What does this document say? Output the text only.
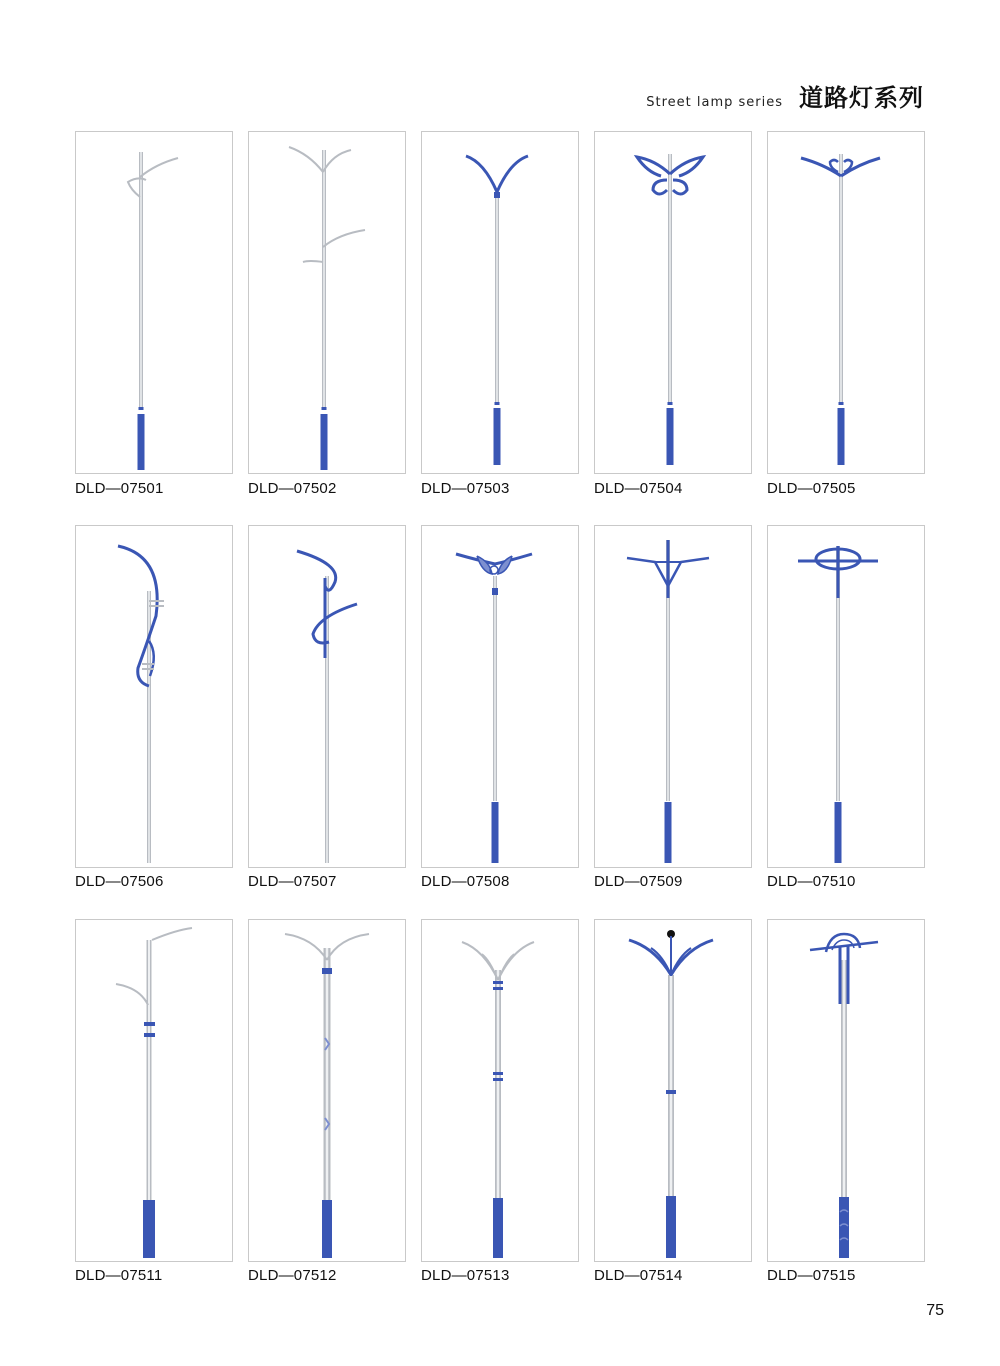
Street lamp series 道路灯系列
DLD—07501	DLD—07502	DLD—07503	DLD—07504	DLD—07505
DLD—07506	DLD—07507	DLD—07508	DLD—07509	DLD—07510
DLD—07511	DLD—07512	DLD—07513	DLD—07514	DLD—07515
75
